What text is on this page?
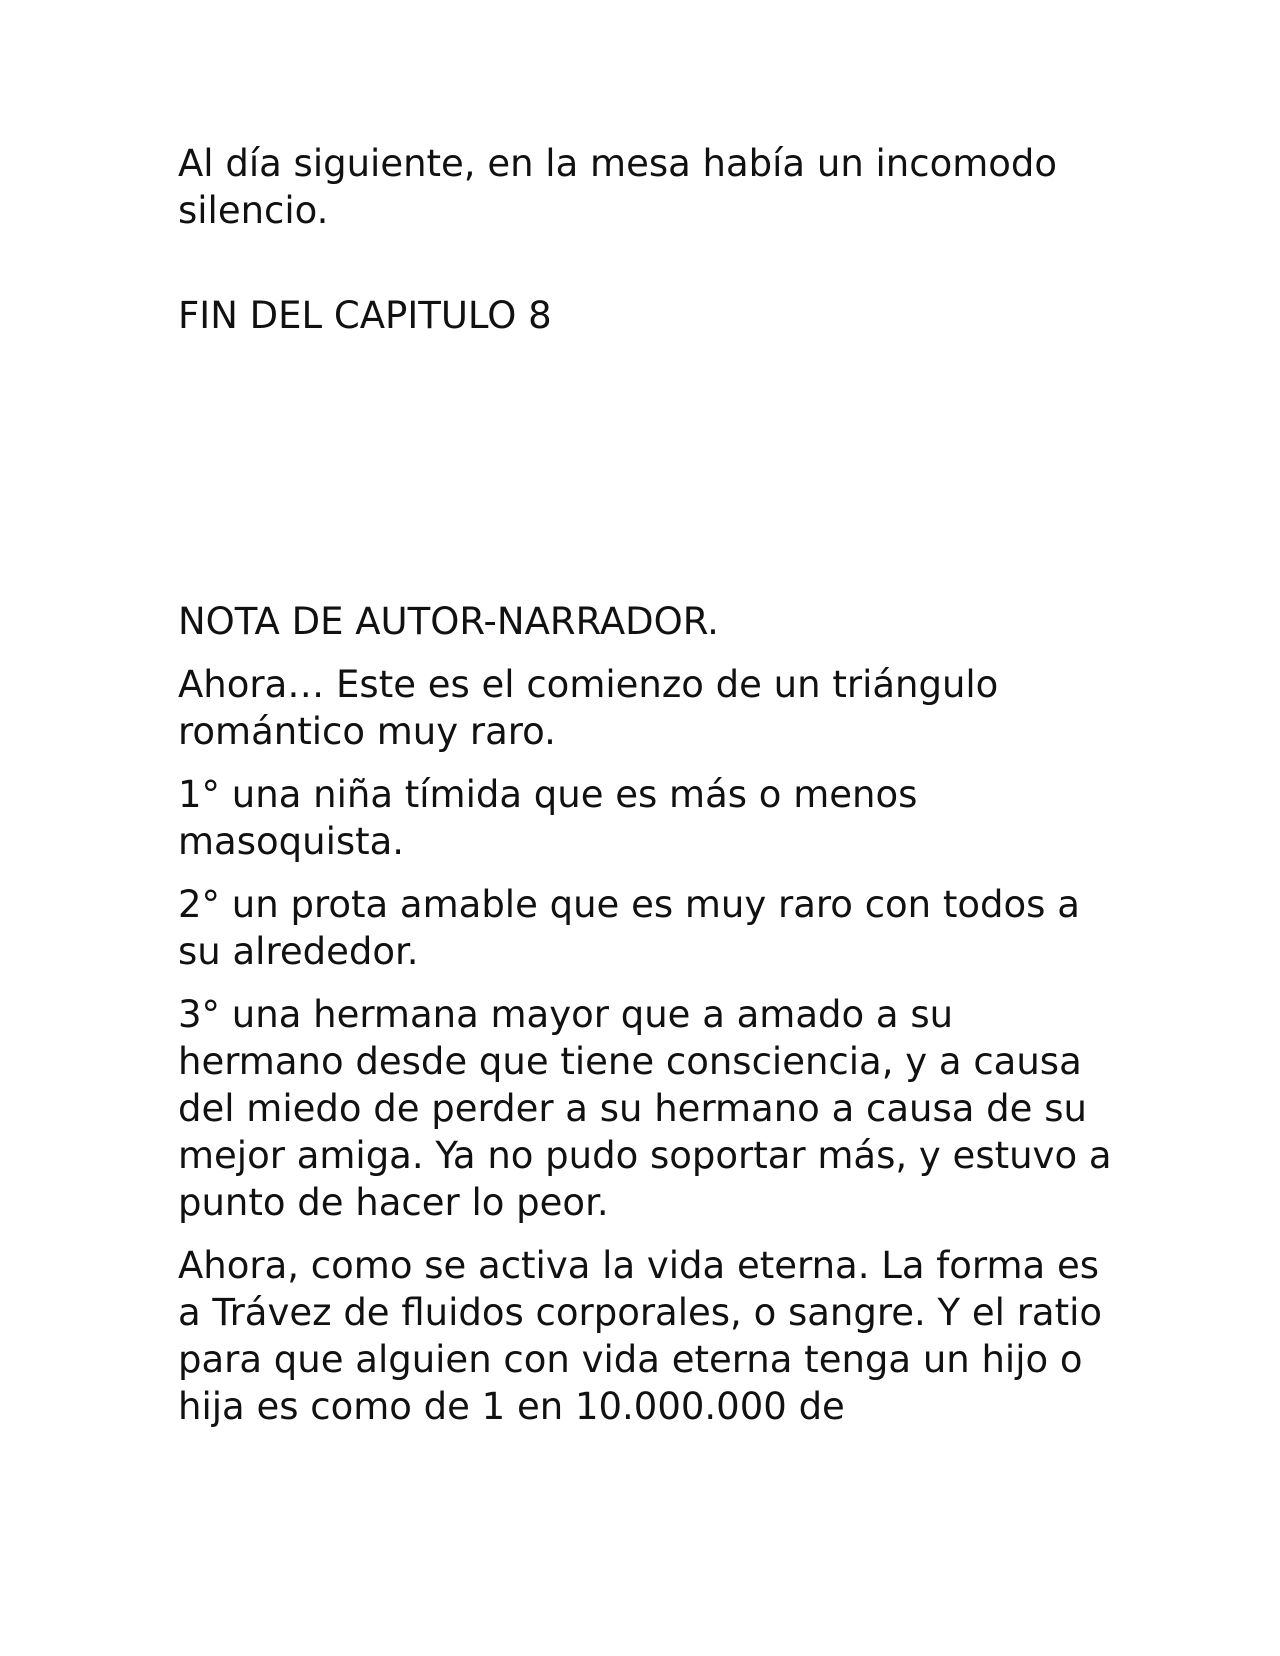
Al día siguiente, en la mesa había un incomodo silencio.

FIN DEL CAPITULO 8

NOTA DE AUTOR-NARRADOR.

Ahora… Este es el comienzo de un triángulo romántico muy raro.

1° una niña tímida que es más o menos masoquista.

2° un prota amable que es muy raro con todos a su alrededor.

3° una hermana mayor que a amado a su hermano desde que tiene consciencia, y a causa del miedo de perder a su hermano a causa de su mejor amiga. Ya no pudo soportar más, y estuvo a punto de hacer lo peor.

Ahora, como se activa la vida eterna. La forma es a Trávez de fluidos corporales, o sangre. Y el ratio para que alguien con vida eterna tenga un hijo o hija es como de 1 en 10.000.000 de
